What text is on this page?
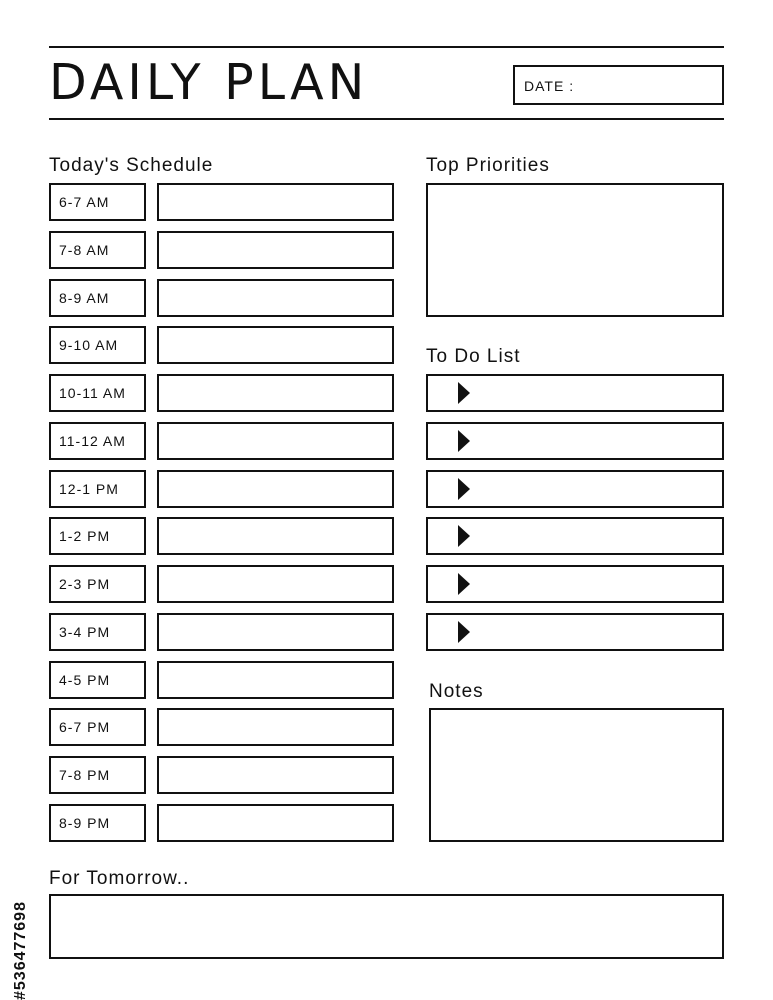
DAILY PLAN	DATE :
Today's Schedule
6-7 AM
7-8 AM
8-9 AM
9-10 AM
10-11 AM
11-12 AM
12-1 PM
1-2 PM
2-3 PM
3-4 PM
4-5 PM
6-7 PM
7-8 PM
8-9 PM
Top Priorities
To Do List
Notes
For Tomorrow..
#536477698
